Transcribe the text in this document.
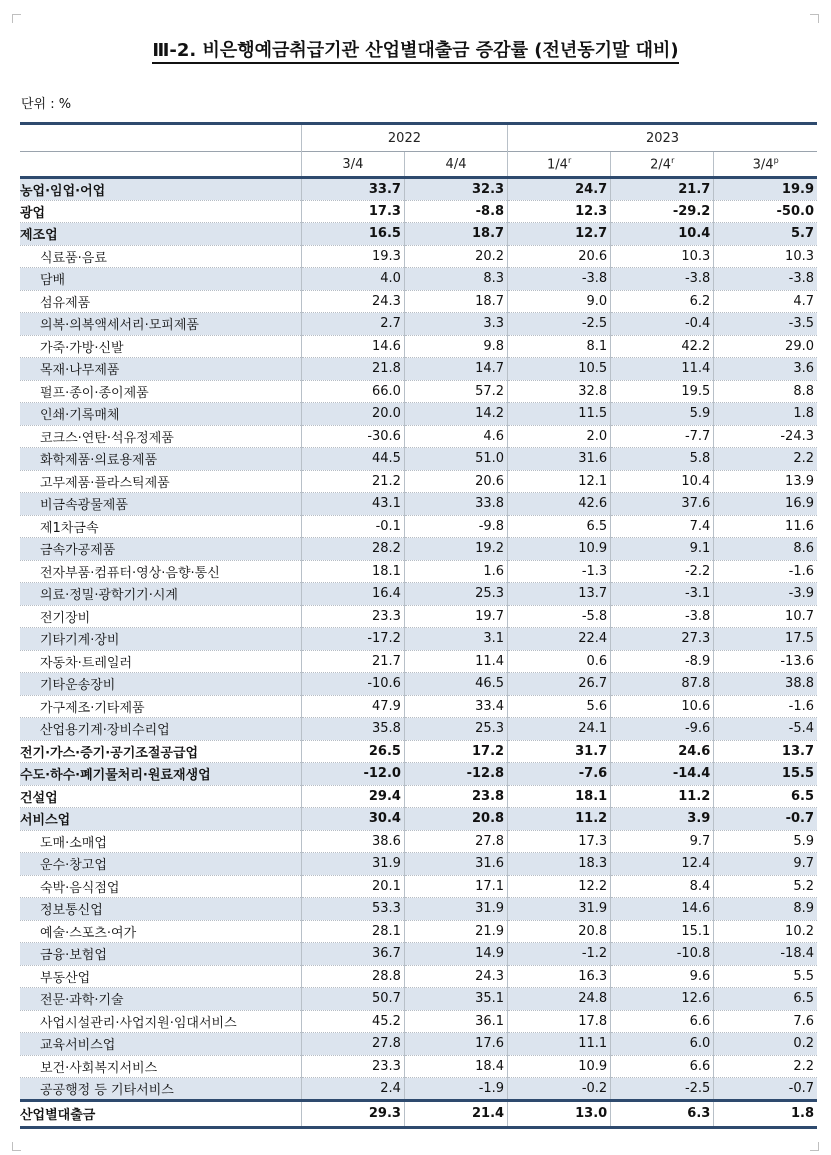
Ⅲ-2. 비은행예금취급기관 산업별대출금 증감률 (전년동기말 대비)
단위 : %
	2022		2023		
	3/4	4/4	1/4$^r$	2/4$^r$	3/4$^p$
농업·임업·어업	33.7	32.3	24.7	21.7	19.9
광업	17.3	-8.8	12.3	-29.2	-50.0
제조업	16.5	18.7	12.7	10.4	5.7
식료품·음료	19.3	20.2	20.6	10.3	10.3
담배	4.0	8.3	-3.8	-3.8	-3.8
섬유제품	24.3	18.7	9.0	6.2	4.7
의복·의복액세서리·모피제품	2.7	3.3	-2.5	-0.4	-3.5
가죽·가방·신발	14.6	9.8	8.1	42.2	29.0
목재·나무제품	21.8	14.7	10.5	11.4	3.6
펄프·종이·종이제품	66.0	57.2	32.8	19.5	8.8
인쇄·기록매체	20.0	14.2	11.5	5.9	1.8
코크스·연탄·석유정제품	-30.6	4.6	2.0	-7.7	-24.3
화학제품·의료용제품	44.5	51.0	31.6	5.8	2.2
고무제품·플라스틱제품	21.2	20.6	12.1	10.4	13.9
비금속광물제품	43.1	33.8	42.6	37.6	16.9
제1차금속	-0.1	-9.8	6.5	7.4	11.6
금속가공제품	28.2	19.2	10.9	9.1	8.6
전자부품·컴퓨터·영상·음향·통신	18.1	1.6	-1.3	-2.2	-1.6
의료·정밀·광학기기·시계	16.4	25.3	13.7	-3.1	-3.9
전기장비	23.3	19.7	-5.8	-3.8	10.7
기타기계·장비	-17.2	3.1	22.4	27.3	17.5
자동차·트레일러	21.7	11.4	0.6	-8.9	-13.6
기타운송장비	-10.6	46.5	26.7	87.8	38.8
가구제조·기타제품	47.9	33.4	5.6	10.6	-1.6
산업용기계·장비수리업	35.8	25.3	24.1	-9.6	-5.4
전기·가스·증기·공기조절공급업	26.5	17.2	31.7	24.6	13.7
수도·하수·폐기물처리·원료재생업	-12.0	-12.8	-7.6	-14.4	15.5
건설업	29.4	23.8	18.1	11.2	6.5
서비스업	30.4	20.8	11.2	3.9	-0.7
도매·소매업	38.6	27.8	17.3	9.7	5.9
운수·창고업	31.9	31.6	18.3	12.4	9.7
숙박·음식점업	20.1	17.1	12.2	8.4	5.2
정보통신업	53.3	31.9	31.9	14.6	8.9
예술·스포츠·여가	28.1	21.9	20.8	15.1	10.2
금융·보험업	36.7	14.9	-1.2	-10.8	-18.4
부동산업	28.8	24.3	16.3	9.6	5.5
전문·과학·기술	50.7	35.1	24.8	12.6	6.5
사업시설관리·사업지원·임대서비스	45.2	36.1	17.8	6.6	7.6
교육서비스업	27.8	17.6	11.1	6.0	0.2
보건·사회복지서비스	23.3	18.4	10.9	6.6	2.2
공공행정 등 기타서비스	2.4	-1.9	-0.2	-2.5	-0.7
산업별대출금	29.3	21.4	13.0	6.3	1.8
